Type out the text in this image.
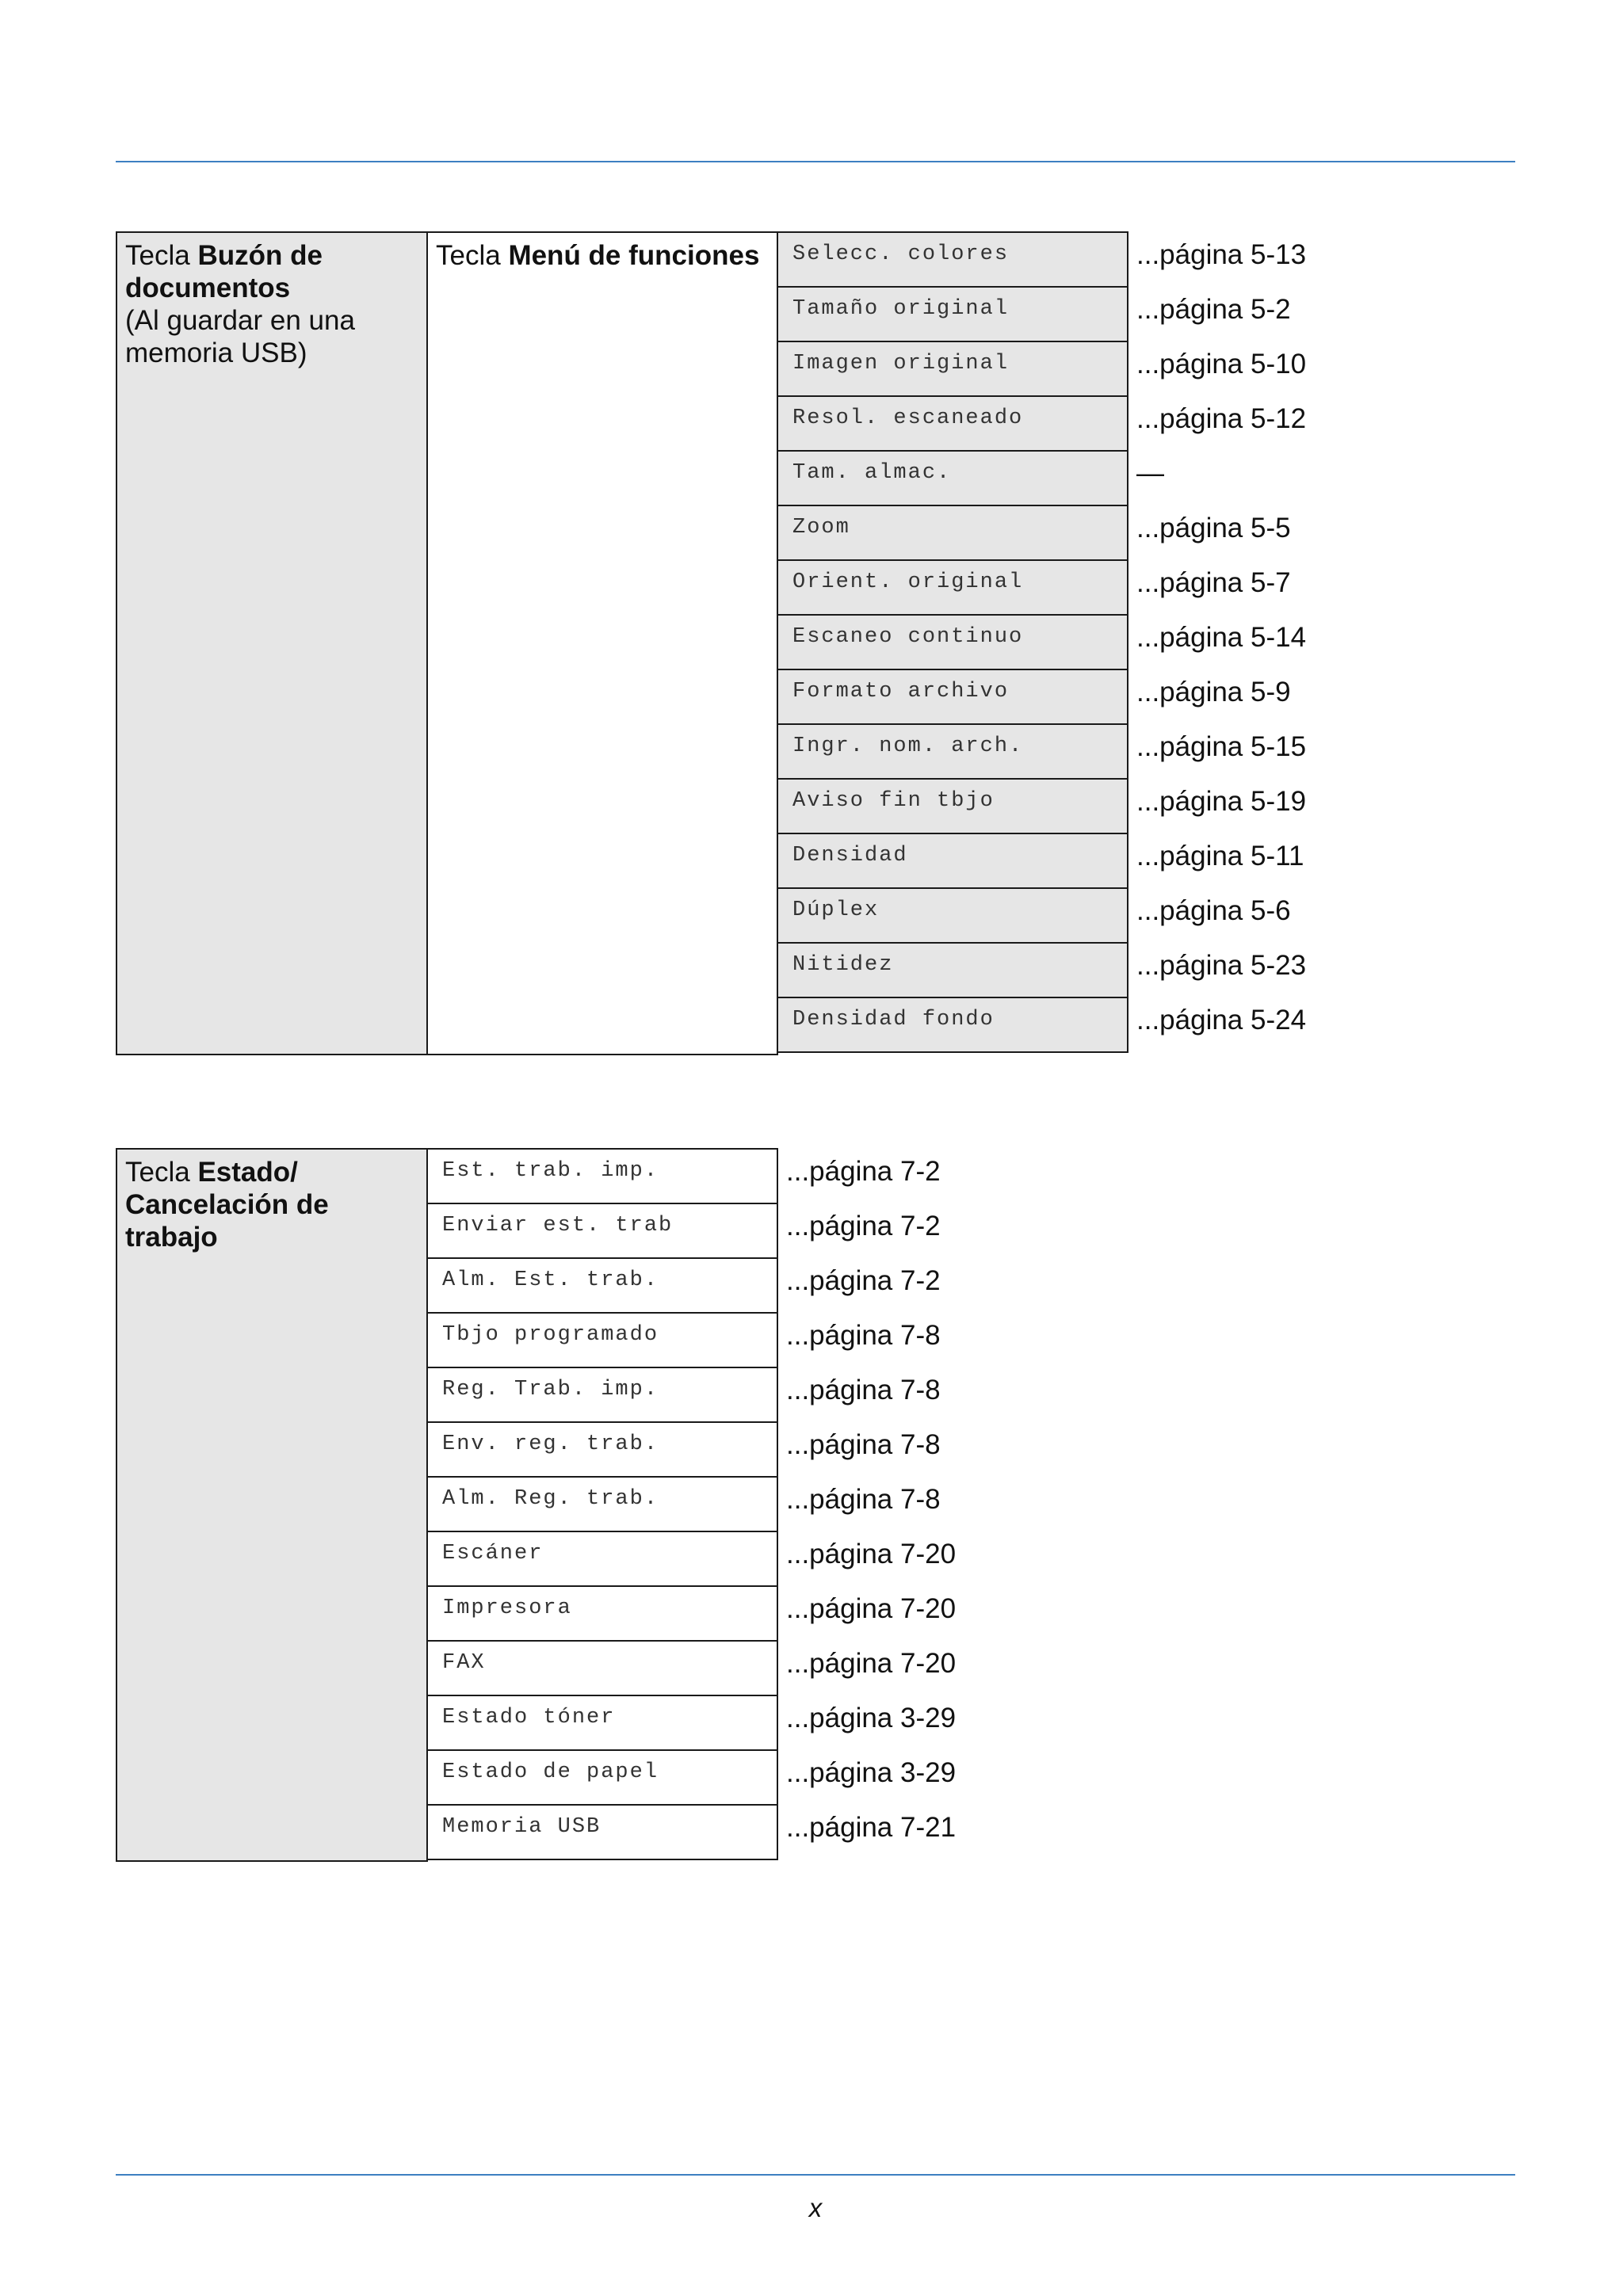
Tecla Buzón de documentos
(Al guardar en una memoria USB)
Tecla Menú de funciones	Selecc. colores	...página 5-13
Tamaño original	...página 5-2
Imagen original	...página 5-10
Resol. escaneado	...página 5-12
Tam. almac.	—
Zoom	...página 5-5
Orient. original	...página 5-7
Escaneo continuo	...página 5-14
Formato archivo	...página 5-9
Ingr. nom. arch.	...página 5-15
Aviso fin tbjo	...página 5-19
Densidad	...página 5-11
Dúplex	...página 5-6
Nitidez	...página 5-23
Densidad fondo	...página 5-24
Tecla Estado/ Cancelación de trabajo
Est. trab. imp.	...página 7-2
Enviar est. trab	...página 7-2
Alm. Est. trab.	...página 7-2
Tbjo programado	...página 7-8
Reg. Trab. imp.	...página 7-8
Env. reg. trab.	...página 7-8
Alm. Reg. trab.	...página 7-8
Escáner	...página 7-20
Impresora	...página 7-20
FAX	...página 7-20
Estado tóner	...página 3-29
Estado de papel	...página 3-29
Memoria USB	...página 7-21
x
